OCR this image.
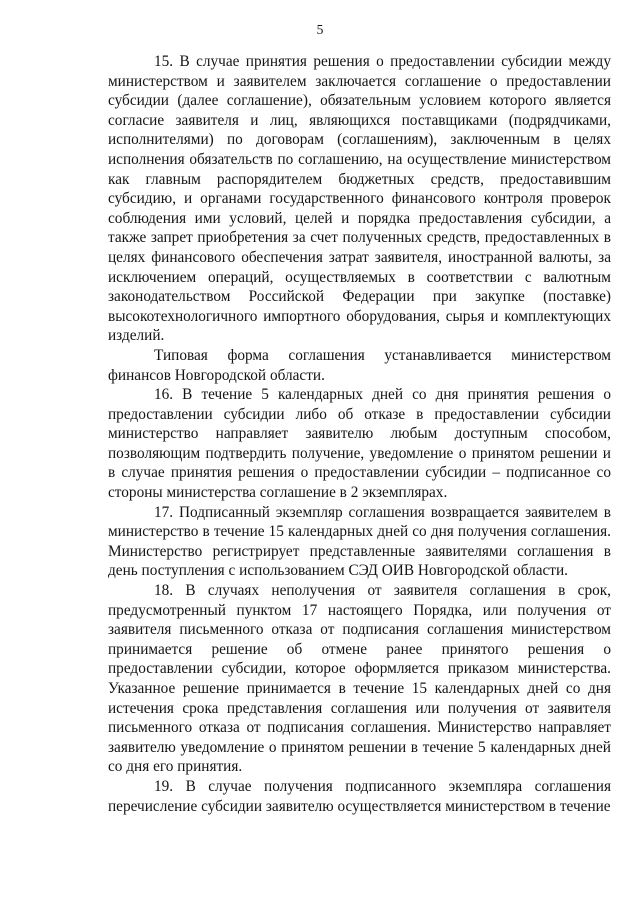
5

15. В случае принятия решения о предоставлении субсидии между министерством и заявителем заключается соглашение о предоставлении субсидии (далее соглашение), обязательным условием которого является согласие заявителя и лиц, являющихся поставщиками (подрядчиками, исполнителями) по договорам (соглашениям), заключенным в целях исполнения обязательств по соглашению, на осуществление министерством как главным распорядителем бюджетных средств, предоставившим субсидию, и органами государственного финансового контроля проверок соблюдения ими условий, целей и порядка предоставления субсидии, а также запрет приобретения за счет полученных средств, предоставленных в целях финансового обеспечения затрат заявителя, иностранной валюты, за исключением операций, осуществляемых в соответствии с валютным законодательством Российской Федерации при закупке (поставке) высокотехнологичного импортного оборудования, сырья и комплектующих изделий.

Типовая форма соглашения устанавливается министерством финансов Новгородской области.

16. В течение 5 календарных дней со дня принятия решения о предоставлении субсидии либо об отказе в предоставлении субсидии министерство направляет заявителю любым доступным способом, позволяющим подтвердить получение, уведомление о принятом решении и в случае принятия решения о предоставлении субсидии – подписанное со стороны министерства соглашение в 2 экземплярах.

17. Подписанный экземпляр соглашения возвращается заявителем в министерство в течение 15 календарных дней со дня получения соглашения. Министерство регистрирует представленные заявителями соглашения в день поступления с использованием СЭД ОИВ Новгородской области.

18. В случаях неполучения от заявителя соглашения в срок, предусмотренный пунктом 17 настоящего Порядка, или получения от заявителя письменного отказа от подписания соглашения министерством принимается решение об отмене ранее принятого решения о предоставлении субсидии, которое оформляется приказом министерства. Указанное решение принимается в течение 15 календарных дней со дня истечения срока представления соглашения или получения от заявителя письменного отказа от подписания соглашения. Министерство направляет заявителю уведомление о принятом решении в течение 5 календарных дней со дня его принятия.

19. В случае получения подписанного экземпляра соглашения перечисление субсидии заявителю осуществляется министерством в течение
